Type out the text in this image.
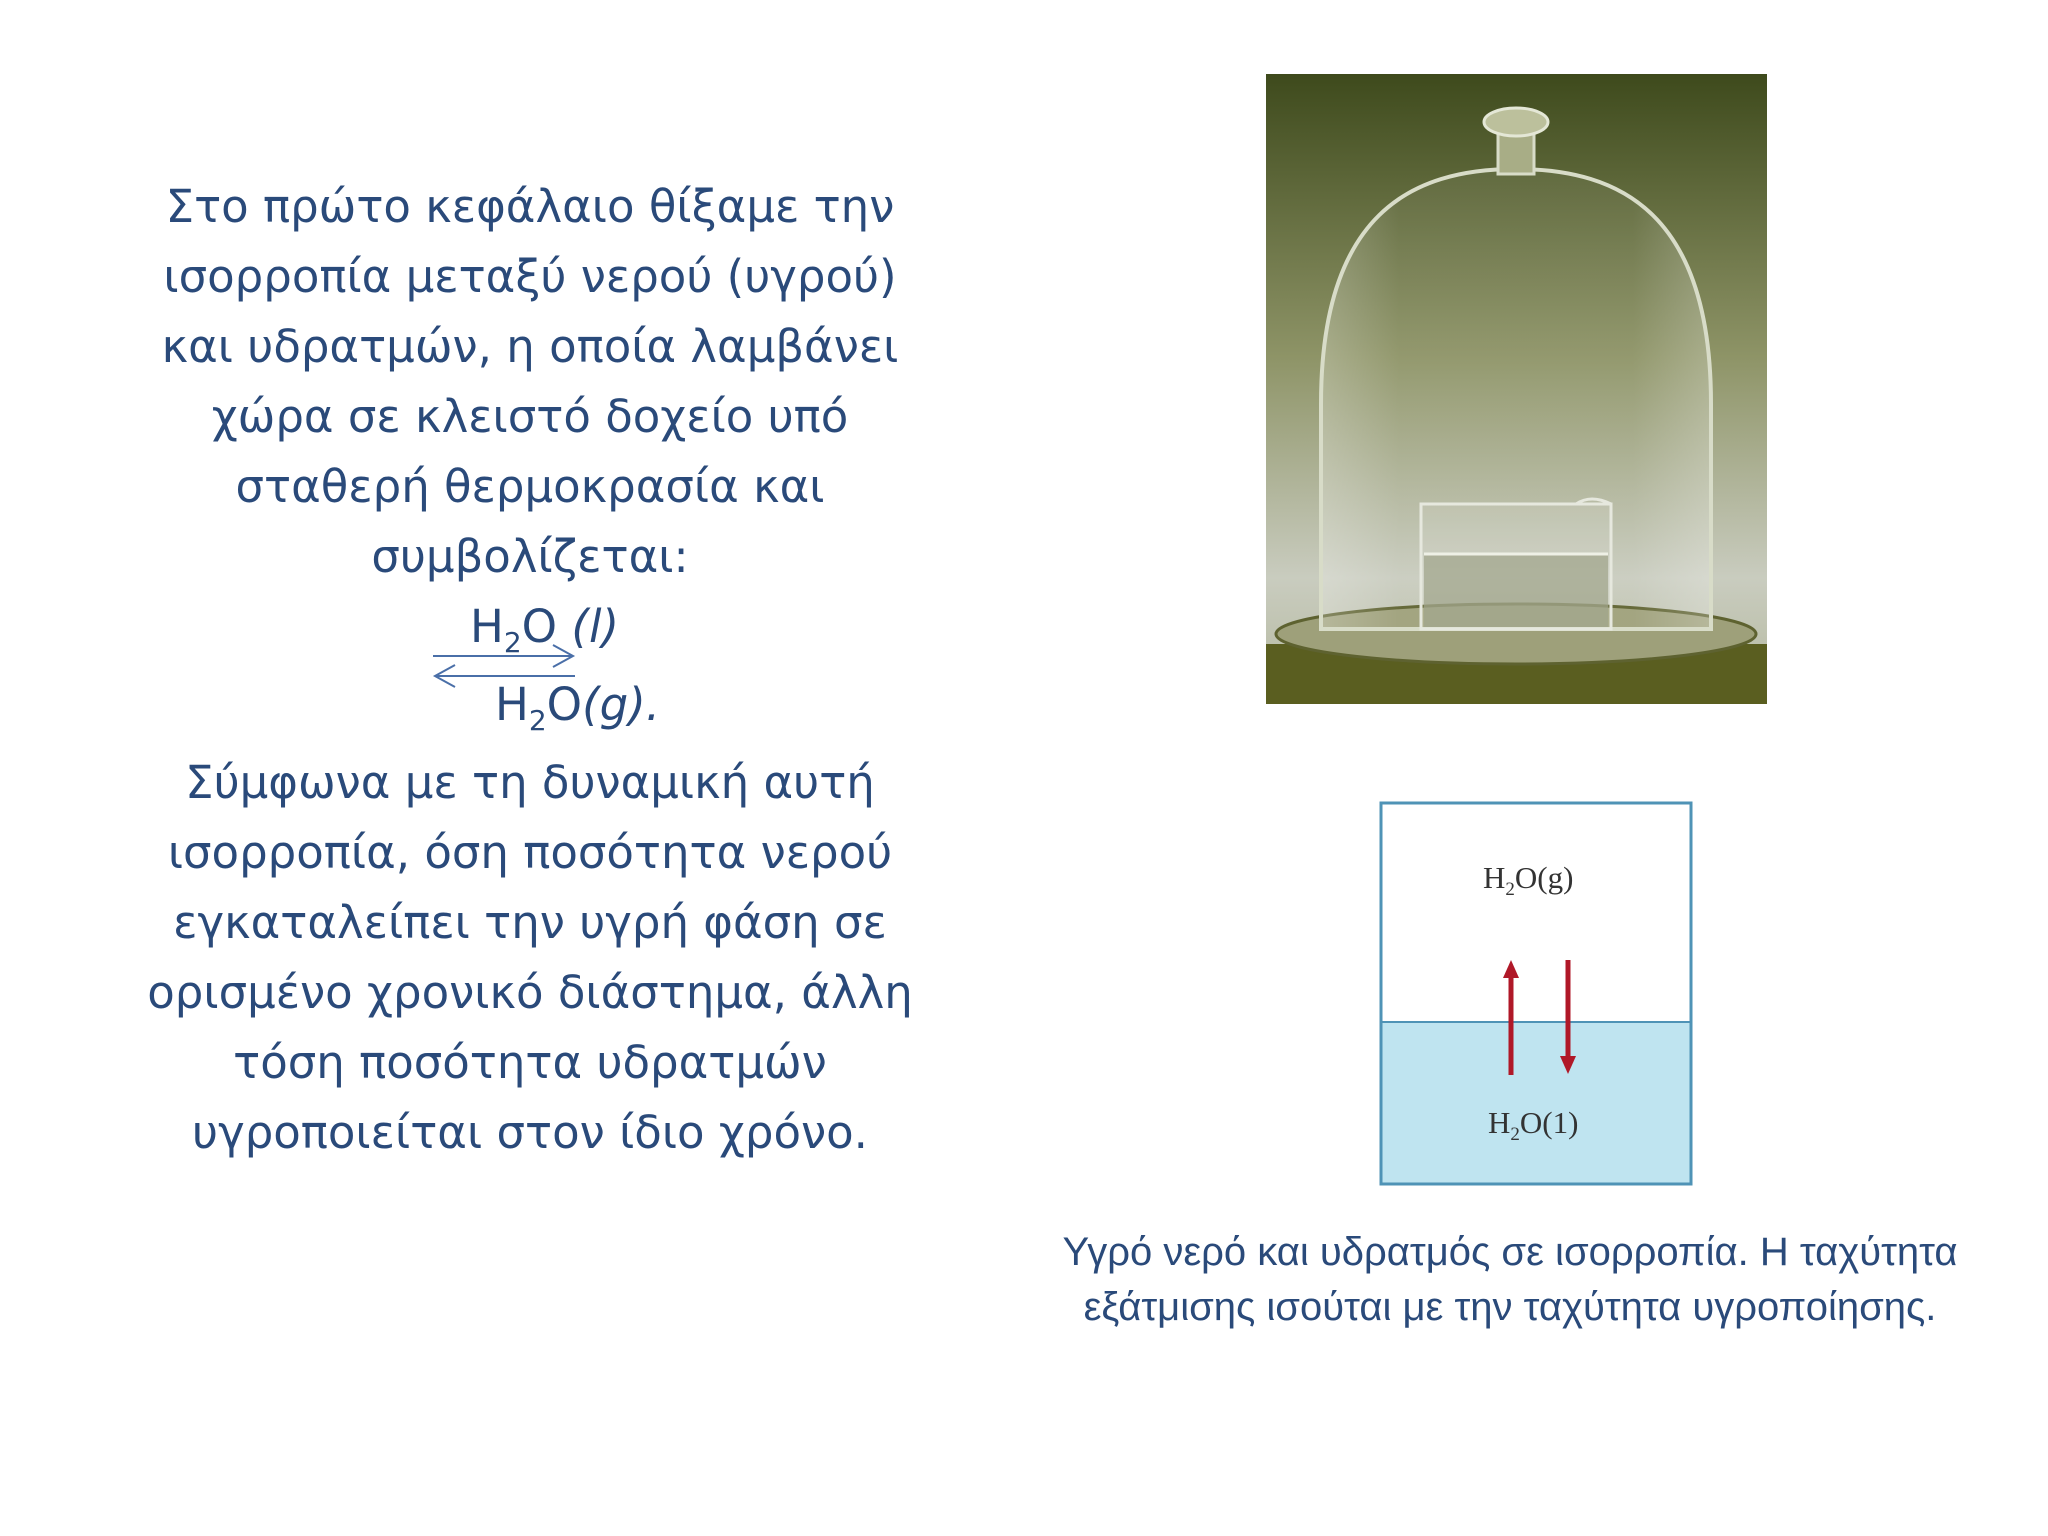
Στο πρώτο κεφάλαιο θίξαμε την ισορροπία μεταξύ νερού (υγρού) και υδρατμών, η οποία λαμβάνει χώρα σε κλειστό δοχείο υπό σταθερή θερμοκρασία και συμβολίζεται:
$H_2O$ (l)
$H_2O(g)$.
Σύμφωνα με τη δυναμική αυτή ισορροπία, όση ποσότητα νερού εγκαταλείπει την υγρή φάση σε ορισμένο χρονικό διάστημα, άλλη τόση ποσότητα υδρατμών υγροποιείται στον ίδιο χρόνο.
$H_2O(g)$
$H_2O(1)$
Υγρό νερό και υδρατμός σε ισορροπία. Η ταχύτητα εξάτμισης ισούται με την ταχύτητα υγροποίησης.
